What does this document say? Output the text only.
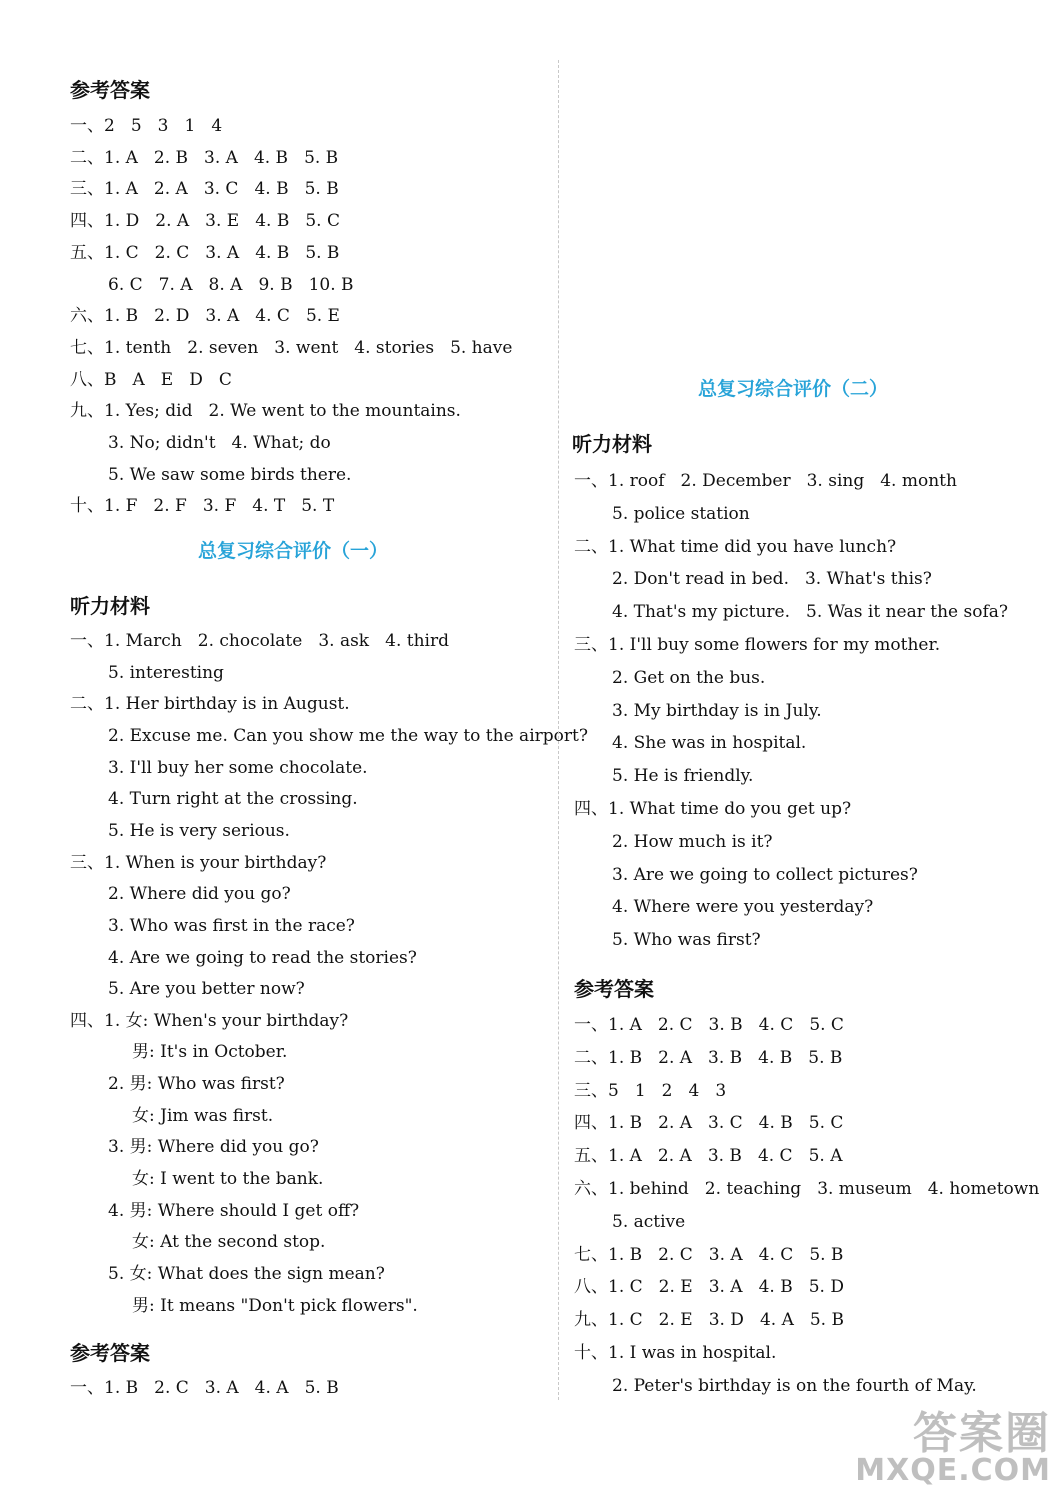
参考答案
一、2 5 3 1 4
二、1. A 2. B 3. A 4. B 5. B
三、1. A 2. A 3. C 4. B 5. B
四、1. D 2. A 3. E 4. B 5. C
五、1. C 2. C 3. A 4. B 5. B
6. C 7. A 8. A 9. B 10. B
六、1. B 2. D 3. A 4. C 5. E
七、1. tenth 2. seven 3. went 4. stories 5. have
八、B A E D C
九、1. Yes; did 2. We went to the mountains.
3. No; didn't 4. What; do
5. We saw some birds there.
十、1. F 2. F 3. F 4. T 5. T
总复习综合评价（一）
听力材料
一、1. March 2. chocolate 3. ask 4. third
5. interesting
二、1. Her birthday is in August.
2. Excuse me. Can you show me the way to the airport?
3. I'll buy her some chocolate.
4. Turn right at the crossing.
5. He is very serious.
三、1. When is your birthday?
2. Where did you go?
3. Who was first in the race?
4. Are we going to read the stories?
5. Are you better now?
四、1. 女: When's your birthday?
男: It's in October.
2. 男: Who was first?
女: Jim was first.
3. 男: Where did you go?
女: I went to the bank.
4. 男: Where should I get off?
女: At the second stop.
5. 女: What does the sign mean?
男: It means "Don't pick flowers".
参考答案
一、1. B 2. C 3. A 4. A 5. B
总复习综合评价（二）
听力材料
一、1. roof 2. December 3. sing 4. month
5. police station
二、1. What time did you have lunch?
2. Don't read in bed. 3. What's this?
4. That's my picture. 5. Was it near the sofa?
三、1. I'll buy some flowers for my mother.
2. Get on the bus.
3. My birthday is in July.
4. She was in hospital.
5. He is friendly.
四、1. What time do you get up?
2. How much is it?
3. Are we going to collect pictures?
4. Where were you yesterday?
5. Who was first?
参考答案
一、1. A 2. C 3. B 4. C 5. C
二、1. B 2. A 3. B 4. B 5. B
三、5 1 2 4 3
四、1. B 2. A 3. C 4. B 5. C
五、1. A 2. A 3. B 4. C 5. A
六、1. behind 2. teaching 3. museum 4. hometown
5. active
七、1. B 2. C 3. A 4. C 5. B
八、1. C 2. E 3. A 4. B 5. D
九、1. C 2. E 3. D 4. A 5. B
十、1. I was in hospital.
2. Peter's birthday is on the fourth of May.
答案圈
MXQE.COM
